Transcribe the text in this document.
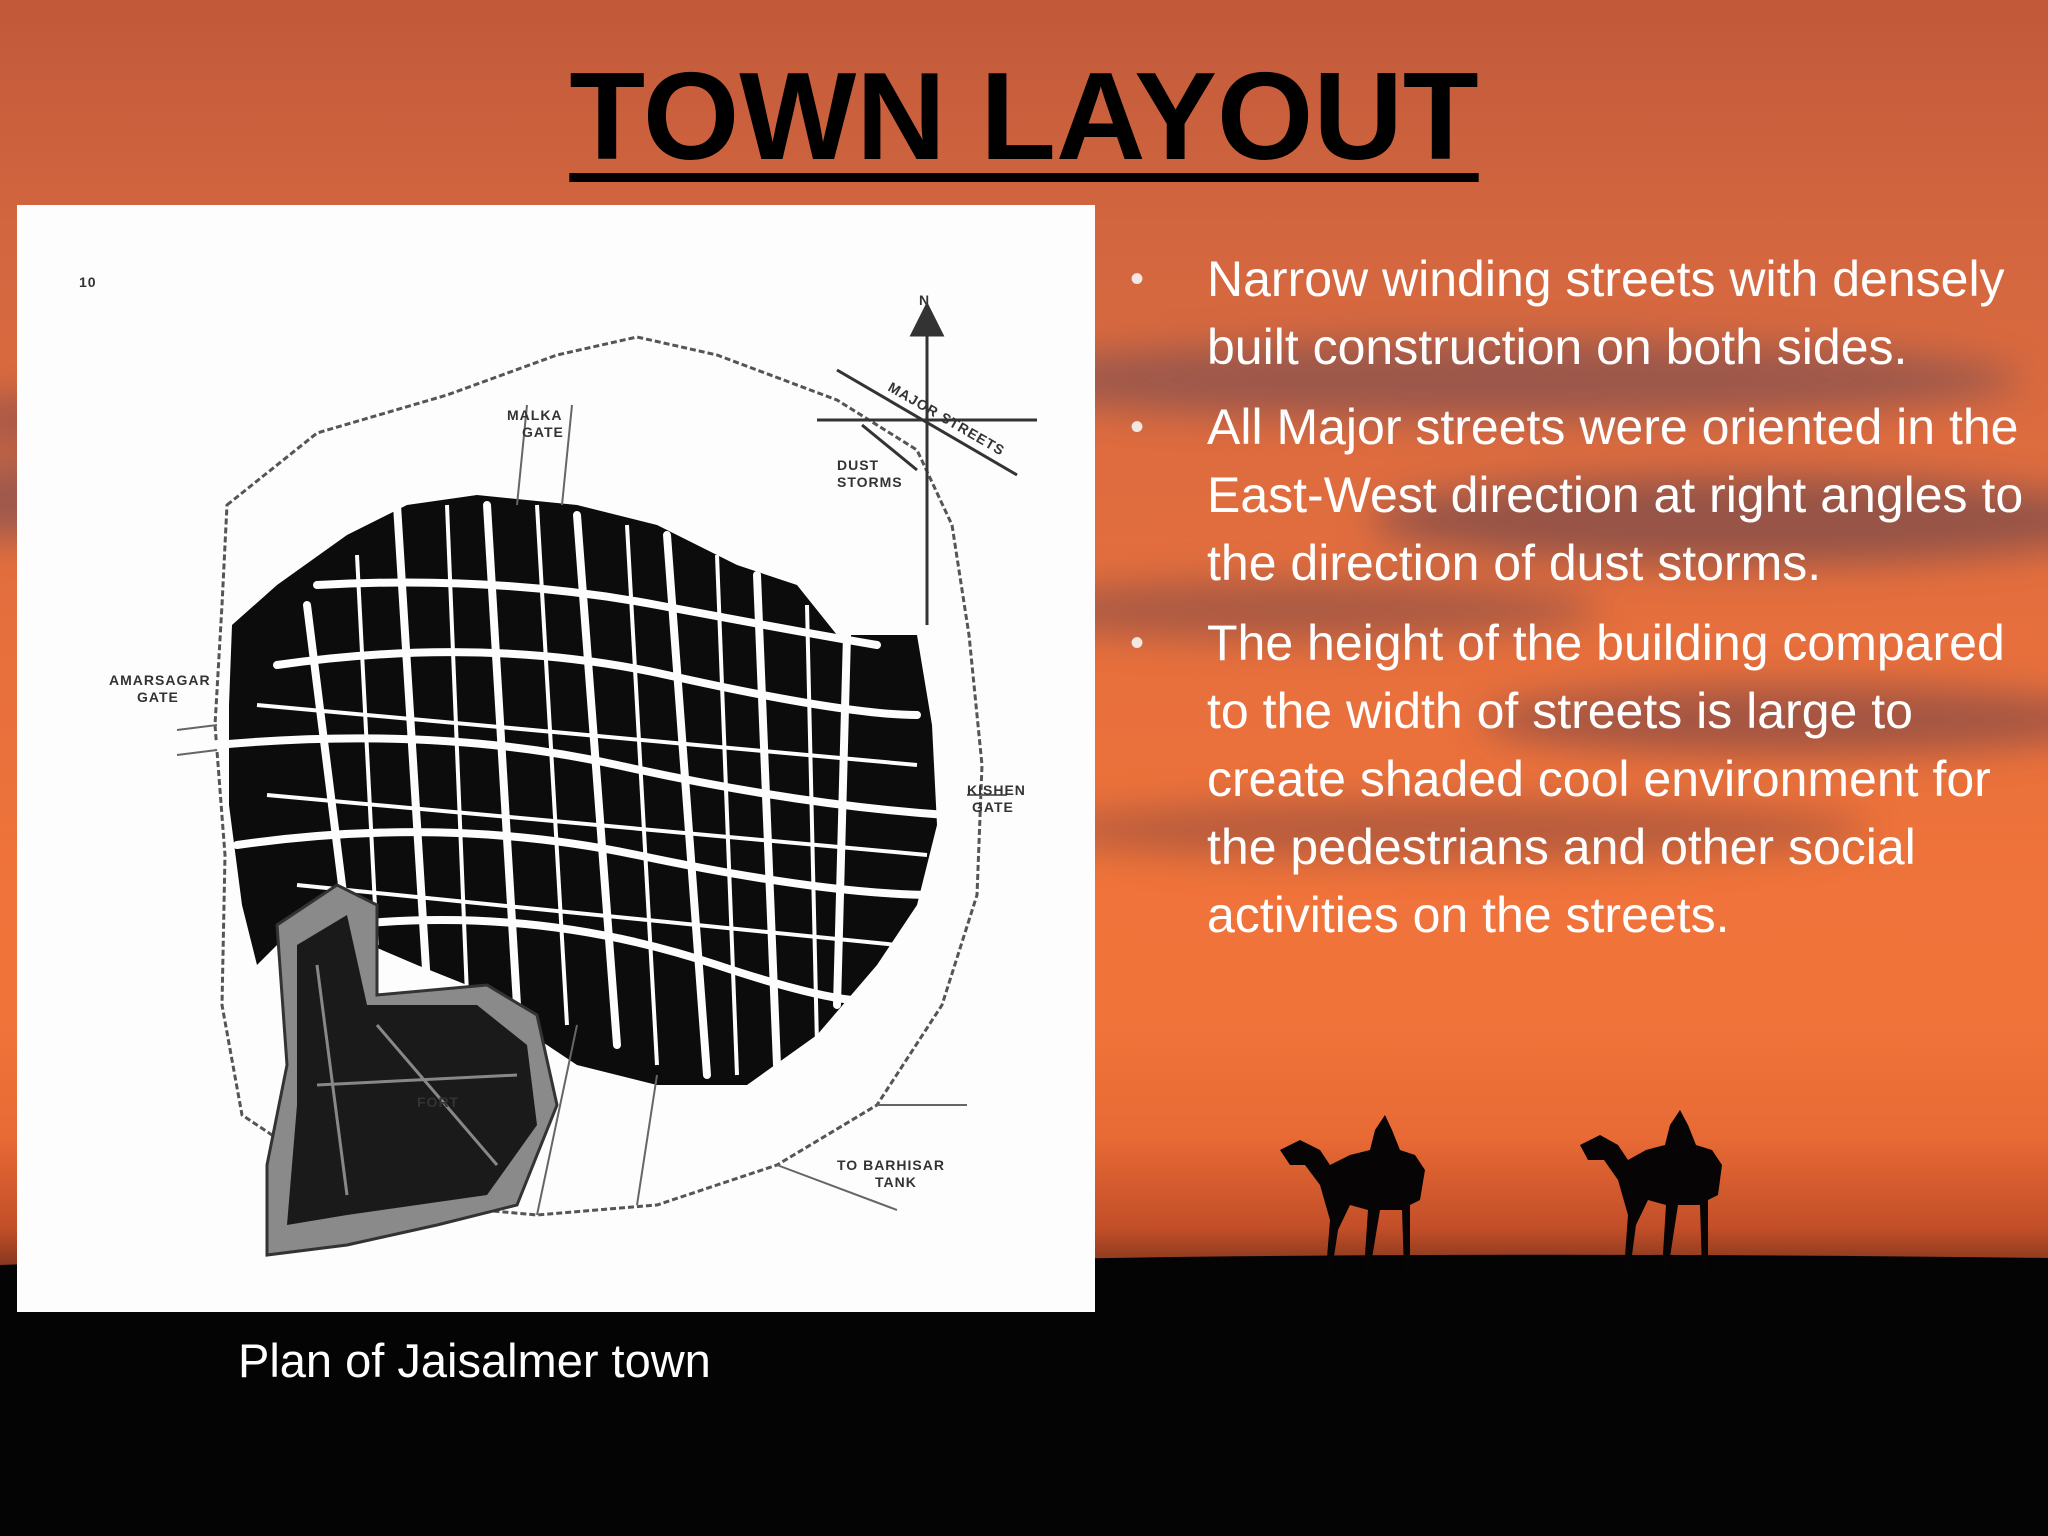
TOWN LAYOUT
N
MAJOR STREETS
DUST
STORMS
MALKA
GATE
AMARSAGAR
GATE
KISHEN
GATE
TO BARHISAR
TANK
FORT
10
Plan of Jaisalmer town
• Narrow winding streets with densely built construction on both sides.
• All Major streets were oriented in the East-West direction at right angles to the direction of dust storms.
• The height of the building compared to the width of streets is large to create shaded cool environment for the pedestrians and other social activities on the streets.
